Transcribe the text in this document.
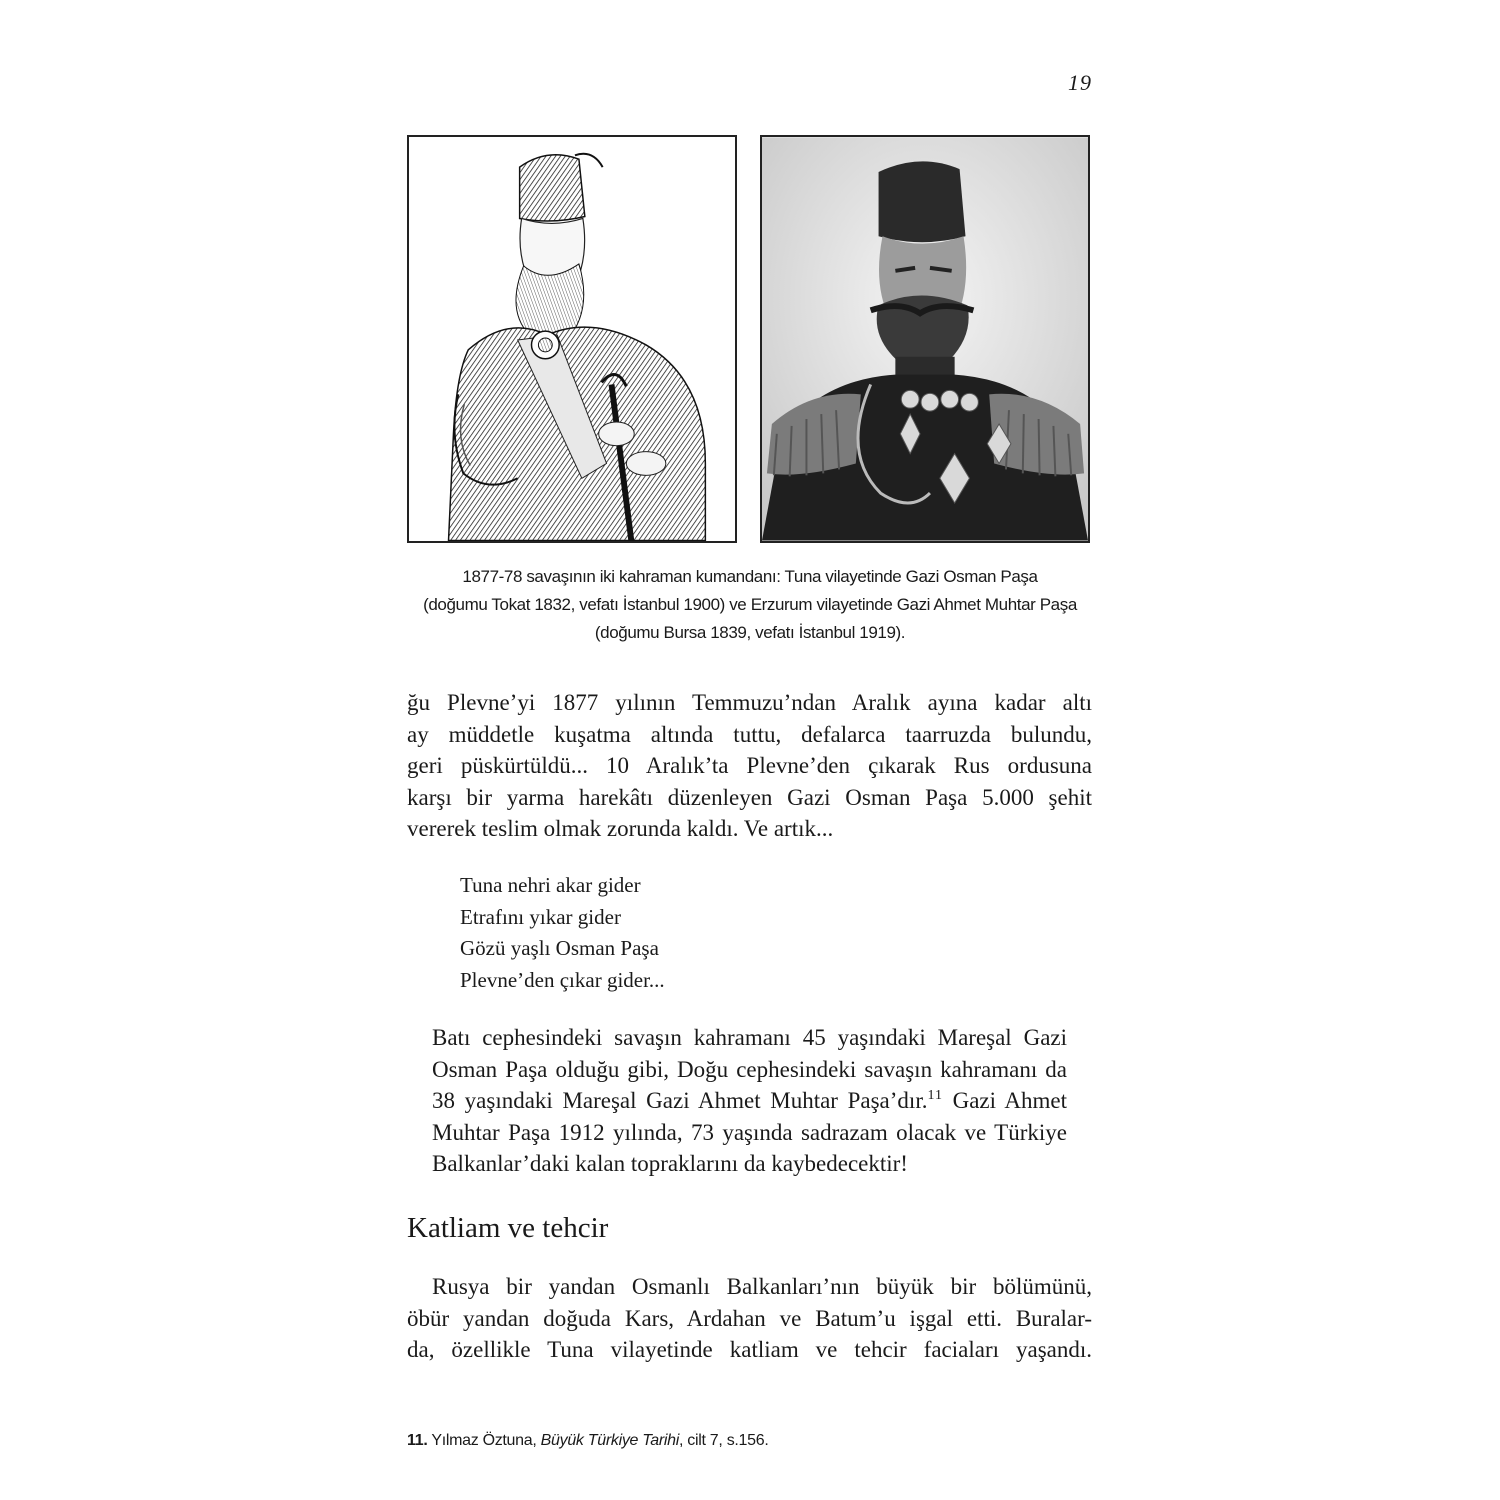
19

1877-78 savaşının iki kahraman kumandanı: Tuna vilayetinde Gazi Osman Paşa

(doğumu Tokat 1832, vefatı İstanbul 1900) ve Erzurum vilayetinde Gazi Ahmet Muhtar Paşa

(doğumu Bursa 1839, vefatı İstanbul 1919).

ğu Plevne’yi 1877 yılının Temmuzu’ndan Aralık ayına kadar altı
ay müddetle kuşatma altında tuttu, defalarca taarruzda bulundu,
geri püskürtüldü... 10 Aralık’ta Plevne’den çıkarak Rus ordusuna
karşı bir yarma harekâtı düzenleyen Gazi Osman Paşa 5.000 şehit
vererek teslim olmak zorunda kaldı. Ve artık...

Tuna nehri akar gider
Etrafını yıkar gider
Gözü yaşlı Osman Paşa
Plevne’den çıkar gider...

Batı cephesindeki savaşın kahramanı 45 yaşındaki Mareşal Gazi
Osman Paşa olduğu gibi, Doğu cephesindeki savaşın kahramanı da
38 yaşındaki Mareşal Gazi Ahmet Muhtar Paşa’dır.$^{11}$ Gazi Ahmet
Muhtar Paşa 1912 yılında, 73 yaşında sadrazam olacak ve Türkiye
Balkanlar’daki kalan topraklarını da kaybedecektir!

Katliam ve tehcir

Rusya bir yandan Osmanlı Balkanları’nın büyük bir bölümünü,
öbür yandan doğuda Kars, Ardahan ve Batum’u işgal etti. Buralar-
da, özellikle Tuna vilayetinde katliam ve tehcir faciaları yaşandı.

11. Yılmaz Öztuna, Büyük Türkiye Tarihi, cilt 7, s.156.
